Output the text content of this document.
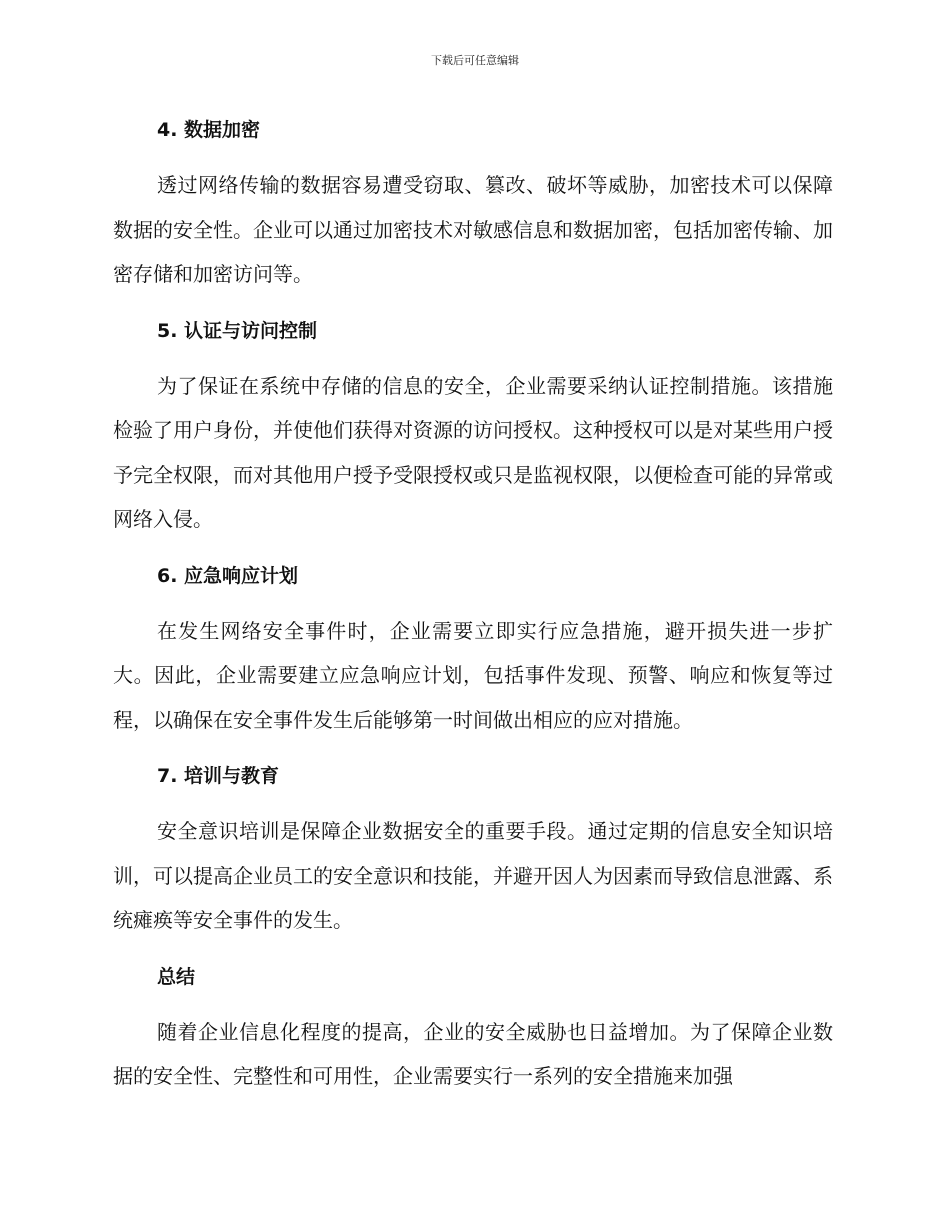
下载后可任意编辑
4. 数据加密

透过网络传输的数据容易遭受窃取、篡改、破坏等威胁，加密技术可以保障数据的安全性。企业可以通过加密技术对敏感信息和数据加密，包括加密传输、加密存储和加密访问等。

5. 认证与访问控制

为了保证在系统中存储的信息的安全，企业需要采纳认证控制措施。该措施检验了用户身份，并使他们获得对资源的访问授权。这种授权可以是对某些用户授予完全权限，而对其他用户授予受限授权或只是监视权限，以便检查可能的异常或网络入侵。

6. 应急响应计划

在发生网络安全事件时，企业需要立即实行应急措施，避开损失进一步扩大。因此，企业需要建立应急响应计划，包括事件发现、预警、响应和恢复等过程，以确保在安全事件发生后能够第一时间做出相应的应对措施。

7. 培训与教育

安全意识培训是保障企业数据安全的重要手段。通过定期的信息安全知识培训，可以提高企业员工的安全意识和技能，并避开因人为因素而导致信息泄露、系统瘫痪等安全事件的发生。

总结

随着企业信息化程度的提高，企业的安全威胁也日益增加。为了保障企业数据的安全性、完整性和可用性，企业需要实行一系列的安全措施来加强
